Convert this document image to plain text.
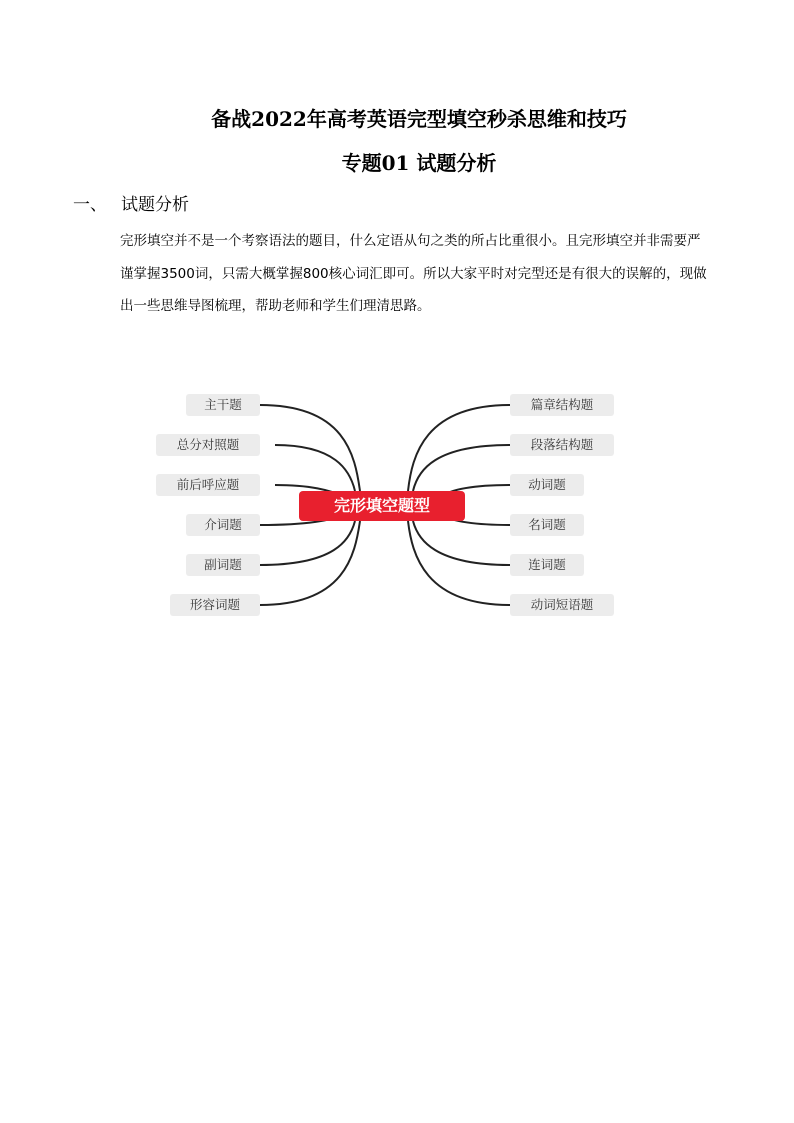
备战2022年高考英语完型填空秒杀思维和技巧
专题01 试题分析
一、 试题分析
完形填空并不是一个考察语法的题目，什么定语从句之类的所占比重很小。且完形填空并非需要严
谨掌握3500词，只需大概掌握800核心词汇即可。所以大家平时对完型还是有很大的误解的，现做
出一些思维导图梳理，帮助老师和学生们理清思路。
主干题
总分对照题
前后呼应题
介词题
副词题
形容词题
篇章结构题
段落结构题
动词题
名词题
连词题
动词短语题
完形填空题型
